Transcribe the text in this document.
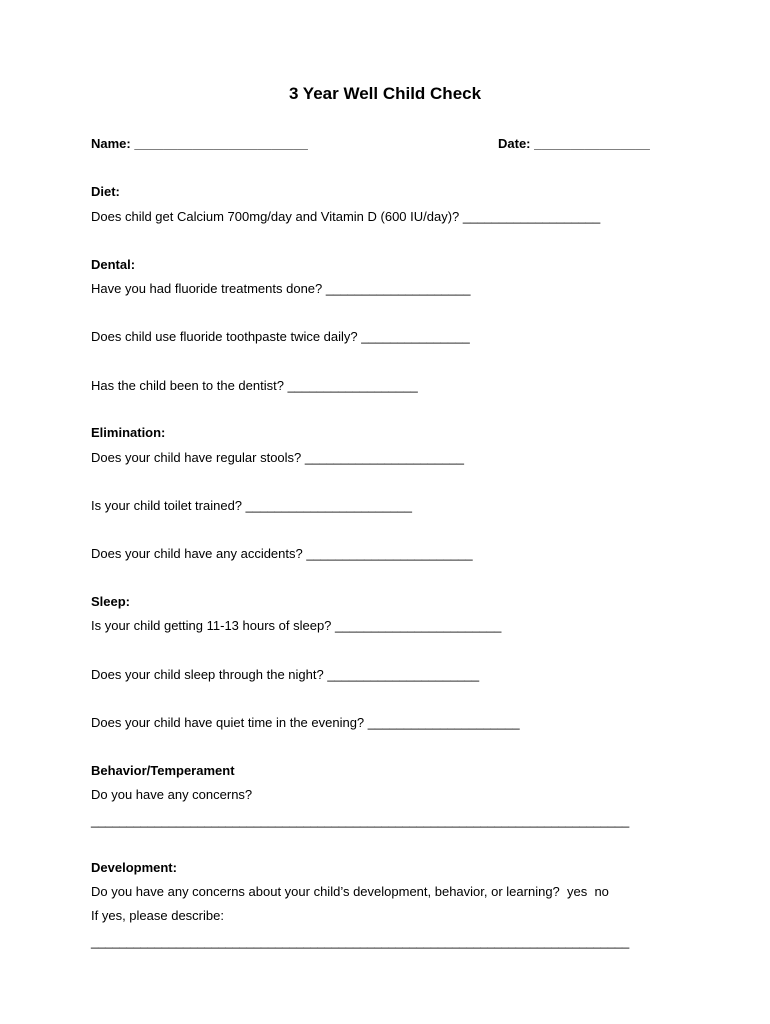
3 Year Well Child Check

Name: ________________________	Date: ________________

Diet:

Does child get Calcium 700mg/day and Vitamin D (600 IU/day)? ___________________

Dental:

Have you had fluoride treatments done? ____________________

Does child use fluoride toothpaste twice daily? _______________

Has the child been to the dentist? __________________

Elimination:

Does your child have regular stools? ______________________

Is your child toilet trained? _______________________

Does your child have any accidents? _______________________

Sleep:

Is your child getting 11-13 hours of sleep? _______________________

Does your child sleep through the night? _____________________

Does your child have quiet time in the evening? _____________________

Behavior/Temperament

Do you have any concerns?

____________________________________________________________________________

Development:

Do you have any concerns about your child’s development, behavior, or learning?  yes  no

If yes, please describe:

____________________________________________________________________________
